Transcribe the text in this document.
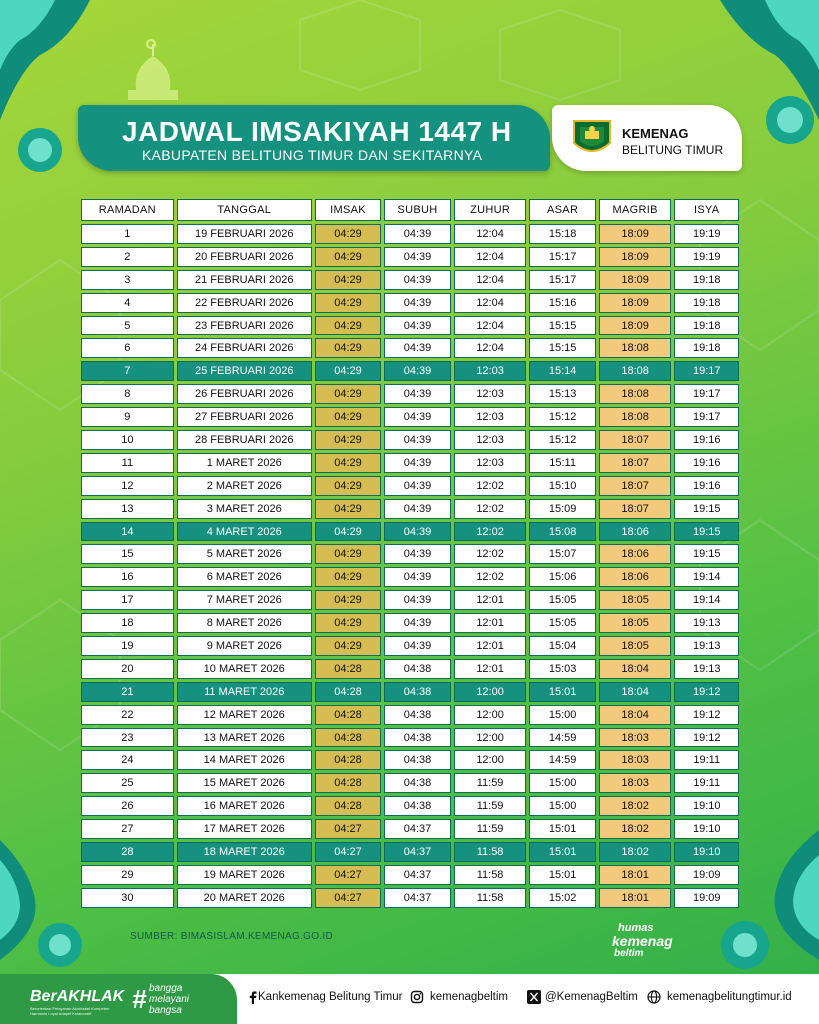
JADWAL IMSAKIYAH 1447 H
KABUPATEN BELITUNG TIMUR DAN SEKITARNYA
KEMENAG
BELITUNG TIMUR
RAMADAN	TANGGAL	IMSAK	SUBUH	ZUHUR	ASAR	MAGRIB	ISYA
1	19 FEBRUARI 2026	04:29	04:39	12:04	15:18	18:09	19:19
2	20 FEBRUARI 2026	04:29	04:39	12:04	15:17	18:09	19:19
3	21 FEBRUARI 2026	04:29	04:39	12:04	15:17	18:09	19:18
4	22 FEBRUARI 2026	04:29	04:39	12:04	15:16	18:09	19:18
5	23 FEBRUARI 2026	04:29	04:39	12:04	15:15	18:09	19:18
6	24 FEBRUARI 2026	04:29	04:39	12:04	15:15	18:08	19:18
7	25 FEBRUARI 2026	04:29	04:39	12:03	15:14	18:08	19:17
8	26 FEBRUARI 2026	04:29	04:39	12:03	15:13	18:08	19:17
9	27 FEBRUARI 2026	04:29	04:39	12:03	15:12	18:08	19:17
10	28 FEBRUARI 2026	04:29	04:39	12:03	15:12	18:07	19:16
11	1 MARET 2026	04:29	04:39	12:03	15:11	18:07	19:16
12	2 MARET 2026	04:29	04:39	12:02	15:10	18:07	19:16
13	3 MARET 2026	04:29	04:39	12:02	15:09	18:07	19:15
14	4 MARET 2026	04:29	04:39	12:02	15:08	18:06	19:15
15	5 MARET 2026	04:29	04:39	12:02	15:07	18:06	19:15
16	6 MARET 2026	04:29	04:39	12:02	15:06	18:06	19:14
17	7 MARET 2026	04:29	04:39	12:01	15:05	18:05	19:14
18	8 MARET 2026	04:29	04:39	12:01	15:05	18:05	19:13
19	9 MARET 2026	04:29	04:39	12:01	15:04	18:05	19:13
20	10 MARET 2026	04:28	04:38	12:01	15:03	18:04	19:13
21	11 MARET 2026	04:28	04:38	12:00	15:01	18:04	19:12
22	12 MARET 2026	04:28	04:38	12:00	15:00	18:04	19:12
23	13 MARET 2026	04:28	04:38	12:00	14:59	18:03	19:12
24	14 MARET 2026	04:28	04:38	12:00	14:59	18:03	19:11
25	15 MARET 2026	04:28	04:38	11:59	15:00	18:03	19:11
26	16 MARET 2026	04:28	04:38	11:59	15:00	18:02	19:10
27	17 MARET 2026	04:27	04:37	11:59	15:01	18:02	19:10
28	18 MARET 2026	04:27	04:37	11:58	15:01	18:02	19:10
29	19 MARET 2026	04:27	04:37	11:58	15:01	18:01	19:09
30	20 MARET 2026	04:27	04:37	11:58	15:02	18:01	19:09
SUMBER: BIMASISLAM.KEMENAG.GO.ID
humas
kemenag
beltim
BerAKHLAK
Berorientasi Pelayanan Akuntabel Kompeten Harmonis Loyal Adaptif Kolaboratif	# bangga
melayani
bangsa
Kankemenag Belitung Timur kemenagbeltim	@KemenagBeltim	kemenagbelitungtimur.id
